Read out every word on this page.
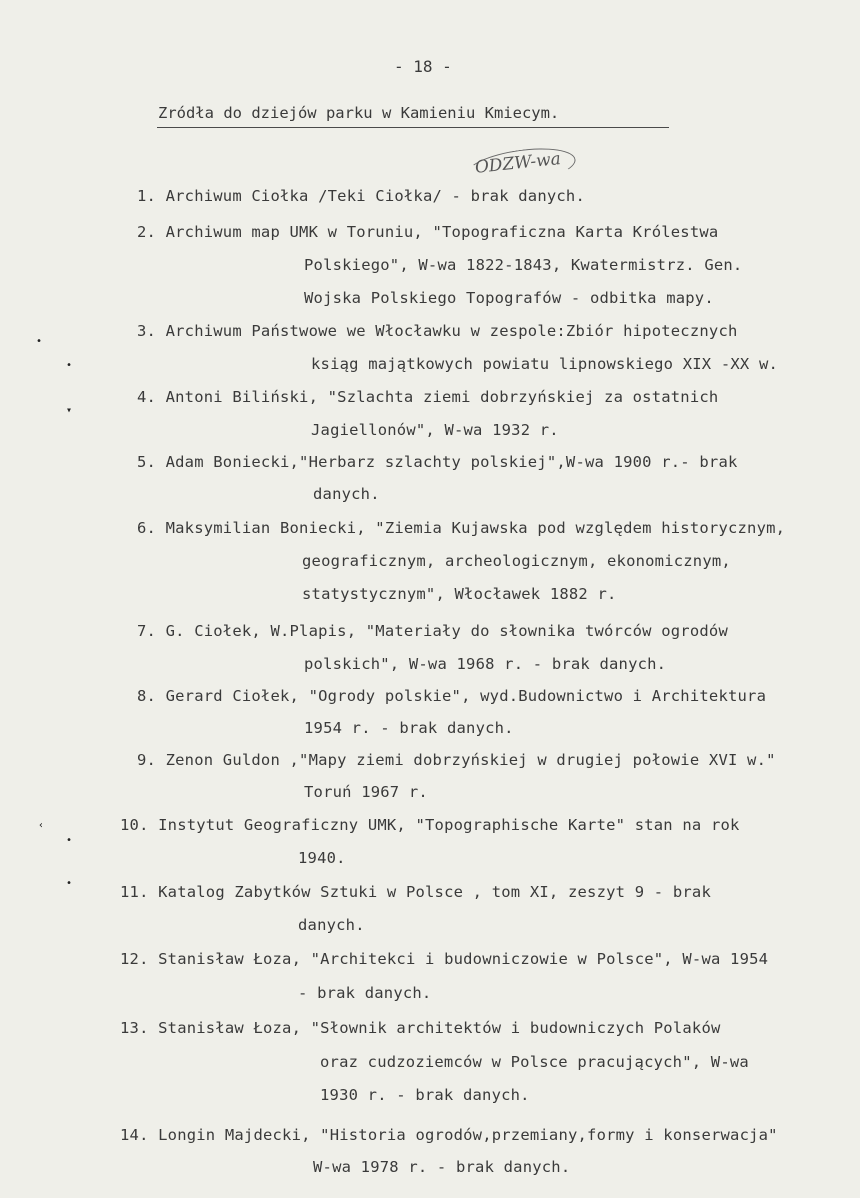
- 18 -
Zródła do dziejów parku w Kamieniu Kmiecym.
ODZW-wa
1. Archiwum Ciołka /Teki Ciołka/ - brak danych.
2. Archiwum map UMK w Toruniu, "Topograficzna Karta Królestwa
Polskiego", W-wa 1822-1843, Kwatermistrz. Gen.
Wojska Polskiego Topografów - odbitka mapy.
3. Archiwum Państwowe we Włocławku w zespole:Zbiór hipotecznych
ksiąg majątkowych powiatu lipnowskiego XIX -XX w.
4. Antoni Biliński, "Szlachta ziemi dobrzyńskiej za ostatnich
Jagiellonów", W-wa 1932 r.
5. Adam Boniecki,"Herbarz szlachty polskiej",W-wa 1900 r.- brak
danych.
6. Maksymilian Boniecki, "Ziemia Kujawska pod względem historycznym,
geograficznym, archeologicznym, ekonomicznym,
statystycznym", Włocławek 1882 r.
7. G. Ciołek, W.Plapis, "Materiały do słownika twórców ogrodów
polskich", W-wa 1968 r. - brak danych.
8. Gerard Ciołek, "Ogrody polskie", wyd.Budownictwo i Architektura
1954 r. - brak danych.
9. Zenon Guldon ,"Mapy ziemi dobrzyńskiej w drugiej połowie XVI w."
Toruń 1967 r.
10. Instytut Geograficzny UMK, "Topographische Karte" stan na rok
1940.
11. Katalog Zabytków Sztuki w Polsce , tom XI, zeszyt 9 - brak
danych.
12. Stanisław Łoza, "Architekci i budowniczowie w Polsce", W-wa 1954
- brak danych.
13. Stanisław Łoza, "Słownik architektów i budowniczych Polaków
oraz cudzoziemców w Polsce pracujących", W-wa
1930 r. - brak danych.
14. Longin Majdecki, "Historia ogrodów,przemiany,formy i konserwacja"
W-wa 1978 r. - brak danych.
•
•
▾
‹
•
•
